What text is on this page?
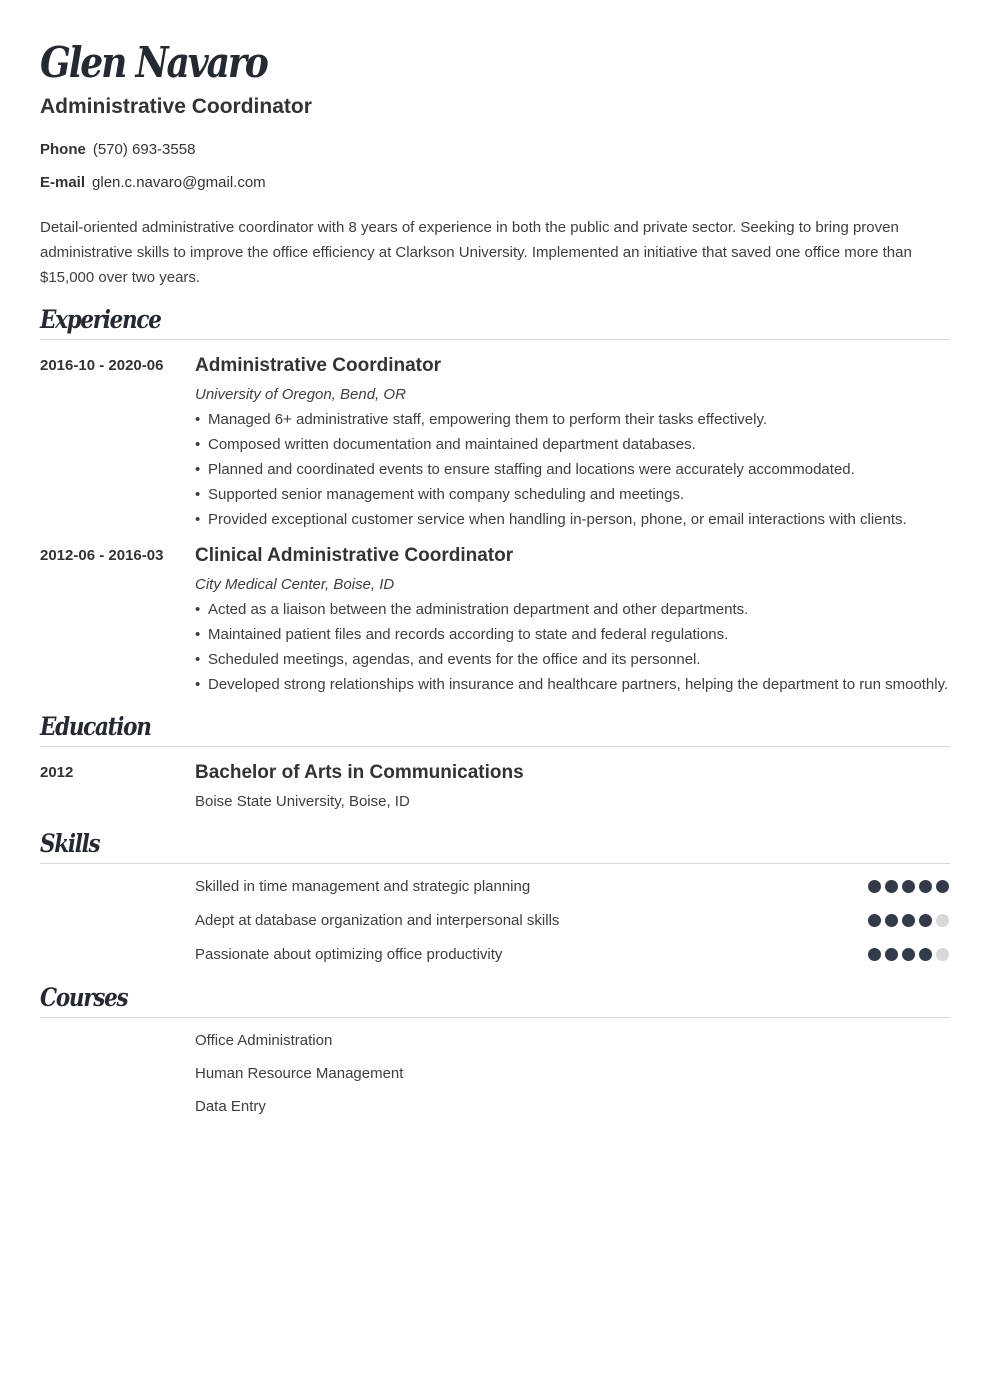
Glen Navaro
Administrative Coordinator
Phone (570) 693-3558
E-mail glen.c.navaro@gmail.com
Detail-oriented administrative coordinator with 8 years of experience in both the public and private sector. Seeking to bring proven administrative skills to improve the office efficiency at Clarkson University. Implemented an initiative that saved one office more than $15,000 over two years.
Experience
2016-10 - 2020-06 Administrative Coordinator
University of Oregon, Bend, OR
• Managed 6+ administrative staff, empowering them to perform their tasks effectively.
• Composed written documentation and maintained department databases.
• Planned and coordinated events to ensure staffing and locations were accurately accommodated.
• Supported senior management with company scheduling and meetings.
• Provided exceptional customer service when handling in-person, phone, or email interactions with clients.
2012-06 - 2016-03 Clinical Administrative Coordinator
City Medical Center, Boise, ID
• Acted as a liaison between the administration department and other departments.
• Maintained patient files and records according to state and federal regulations.
• Scheduled meetings, agendas, and events for the office and its personnel.
• Developed strong relationships with insurance and healthcare partners, helping the department to run smoothly.
Education
2012	Bachelor of Arts in Communications
Boise State University, Boise, ID
Skills
Skilled in time management and strategic planning
Adept at database organization and interpersonal skills
Passionate about optimizing office productivity
Courses
Office Administration
Human Resource Management
Data Entry
